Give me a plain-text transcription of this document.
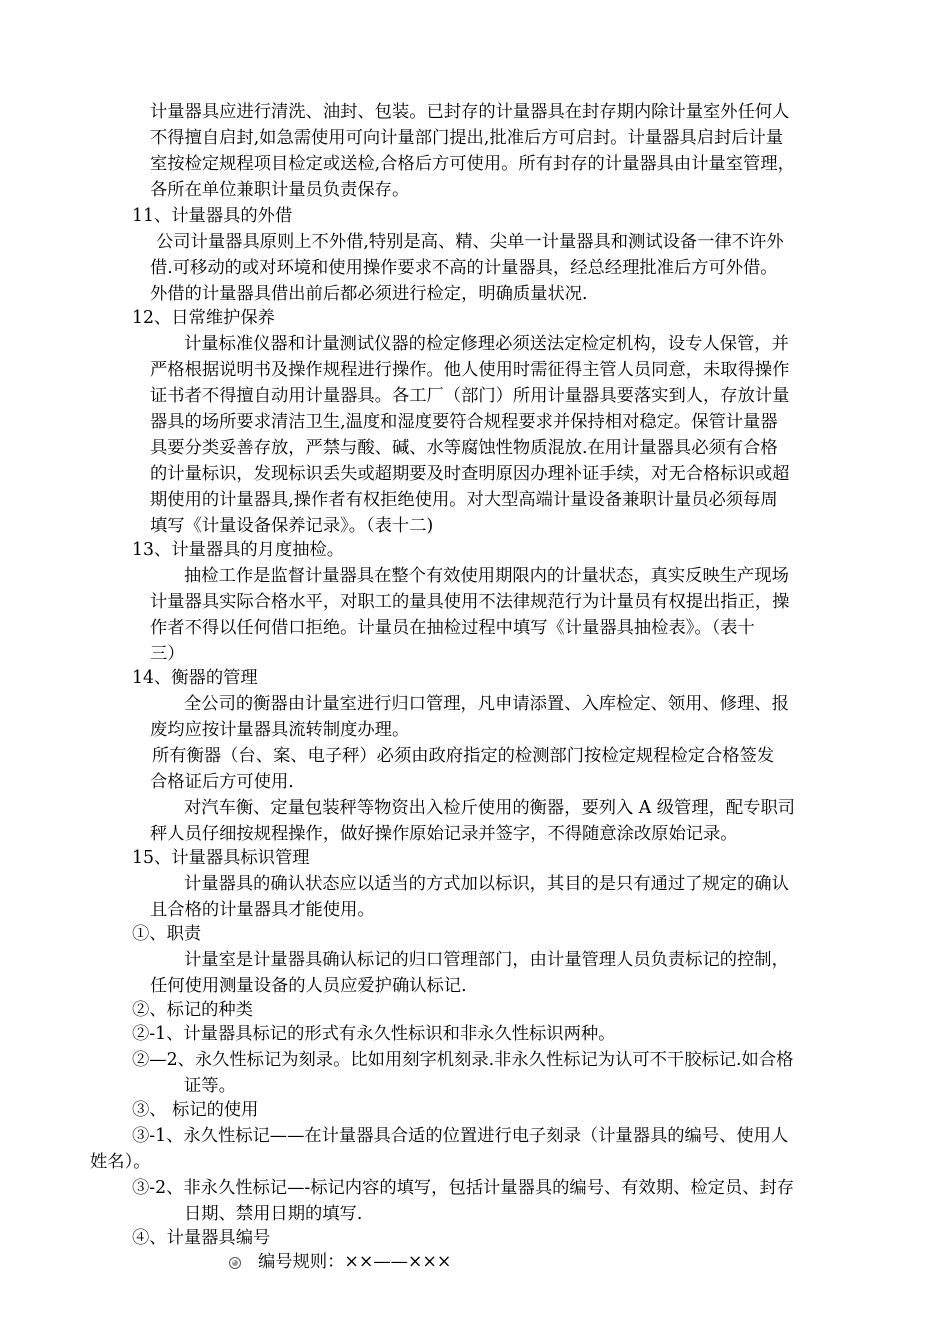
计量器具应进行清洗、油封、包装。已封存的计量器具在封存期内除计量室外任何人
不得擅自启封,如急需使用可向计量部门提出,批准后方可启封。计量器具启封后计量
室按检定规程项目检定或送检,合格后方可使用。所有封存的计量器具由计量室管理，
各所在单位兼职计量员负责保存。
11、计量器具的外借
公司计量器具原则上不外借,特别是高、精、尖单一计量器具和测试设备一律不许外
借.可移动的或对环境和使用操作要求不高的计量器具，经总经理批准后方可外借。
外借的计量器具借出前后都必须进行检定，明确质量状况.
12、日常维护保养
计量标准仪器和计量测试仪器的检定修理必须送法定检定机构，设专人保管，并
严格根据说明书及操作规程进行操作。他人使用时需征得主管人员同意，未取得操作
证书者不得擅自动用计量器具。各工厂（部门）所用计量器具要落实到人，存放计量
器具的场所要求清洁卫生,温度和湿度要符合规程要求并保持相对稳定。保管计量器
具要分类妥善存放，严禁与酸、碱、水等腐蚀性物质混放.在用计量器具必须有合格
的计量标识，发现标识丢失或超期要及时查明原因办理补证手续，对无合格标识或超
期使用的计量器具,操作者有权拒绝使用。对大型高端计量设备兼职计量员必须每周
填写《计量设备保养记录》。（表十二)
13、计量器具的月度抽检。
抽检工作是监督计量器具在整个有效使用期限内的计量状态，真实反映生产现场
计量器具实际合格水平，对职工的量具使用不法律规范行为计量员有权提出指正，操
作者不得以任何借口拒绝。计量员在抽检过程中填写《计量器具抽检表》。（表十
三）
14、衡器的管理
全公司的衡器由计量室进行归口管理，凡申请添置、入库检定、领用、修理、报
废均应按计量器具流转制度办理。
所有衡器（台、案、电子秤）必须由政府指定的检测部门按检定规程检定合格签发
合格证后方可使用.
对汽车衡、定量包装秤等物资出入检斤使用的衡器，要列入 A 级管理，配专职司
秤人员仔细按规程操作，做好操作原始记录并签字，不得随意涂改原始记录。
15、计量器具标识管理
计量器具的确认状态应以适当的方式加以标识，其目的是只有通过了规定的确认
且合格的计量器具才能使用。
①、职责
计量室是计量器具确认标记的归口管理部门，由计量管理人员负责标记的控制，
任何使用测量设备的人员应爱护确认标记.
②、标记的种类
②-1、计量器具标记的形式有永久性标识和非永久性标识两种。
②—2、永久性标记为刻录。比如用刻字机刻录.非永久性标记为认可不干胶标记.如合格
证等。
③、 标记的使用
③-1、永久性标记——在计量器具合适的位置进行电子刻录（计量器具的编号、使用人
姓名）。
③-2、非永久性标记—-标记内容的填写，包括计量器具的编号、有效期、检定员、封存
日期、禁用日期的填写.
④、计量器具编号
编号规则：××——×××
